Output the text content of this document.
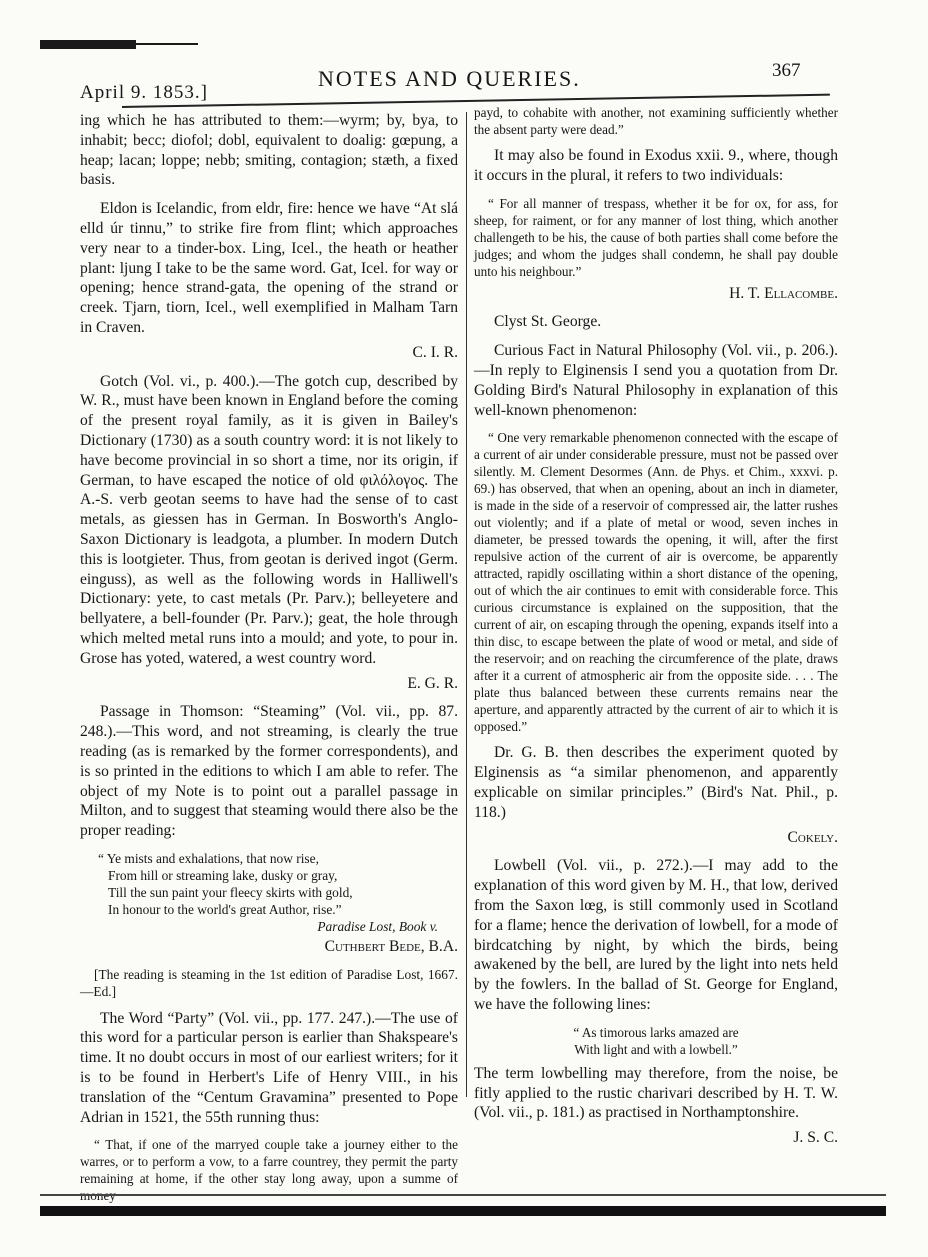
April 9. 1853.]
NOTES AND QUERIES.	367

ing which he has attributed to them:—wyrm; by, bya, to inhabit; becc; diofol; dobl, equivalent to doalig: gœpung, a heap; lacan; loppe; nebb; smiting, contagion; stæth, a fixed basis.

Eldon is Icelandic, from eldr, fire: hence we have “At slá elld úr tinnu,” to strike fire from flint; which approaches very near to a tinder-box. Ling, Icel., the heath or heather plant: ljung I take to be the same word. Gat, Icel. for way or opening; hence strand-gata, the opening of the strand or creek. Tjarn, tiorn, Icel., well exemplified in Malham Tarn in Craven.

C. I. R.

Gotch (Vol. vi., p. 400.).—The gotch cup, described by W. R., must have been known in England before the coming of the present royal family, as it is given in Bailey's Dictionary (1730) as a south country word: it is not likely to have become provincial in so short a time, nor its origin, if German, to have escaped the notice of old φιλόλογος. The A.-S. verb geotan seems to have had the sense of to cast metals, as giessen has in German. In Bosworth's Anglo-Saxon Dictionary is leadgota, a plumber. In modern Dutch this is lootgieter. Thus, from geotan is derived ingot (Germ. einguss), as well as the following words in Halliwell's Dictionary: yete, to cast metals (Pr. Parv.); belleyetere and bellyatere, a bell-founder (Pr. Parv.); geat, the hole through which melted metal runs into a mould; and yote, to pour in. Grose has yoted, watered, a west country word.

E. G. R.

Passage in Thomson: “Steaming” (Vol. vii., pp. 87. 248.).—This word, and not streaming, is clearly the true reading (as is remarked by the former correspondents), and is so printed in the editions to which I am able to refer. The object of my Note is to point out a parallel passage in Milton, and to suggest that steaming would there also be the proper reading:

“ Ye mists and exhalations, that now rise,
From hill or streaming lake, dusky or gray,
Till the sun paint your fleecy skirts with gold,
In honour to the world's great Author, rise.”
Paradise Lost, Book v.

Cuthbert Bede, B.A.

[The reading is steaming in the 1st edition of Paradise Lost, 1667.—Ed.]

The Word “Party” (Vol. vii., pp. 177. 247.).—The use of this word for a particular person is earlier than Shakspeare's time. It no doubt occurs in most of our earliest writers; for it is to be found in Herbert's Life of Henry VIII., in his translation of the “Centum Gravamina” presented to Pope Adrian in 1521, the 55th running thus:

“ That, if one of the marryed couple take a journey either to the warres, or to perform a vow, to a farre countrey, they permit the party remaining at home, if the other stay long away, upon a summe of

payd, to cohabite with another, not examining sufficiently whether the absent party were dead.”

It may also be found in Exodus xxii. 9., where, though it occurs in the plural, it refers to two individuals:

“ For all manner of trespass, whether it be for ox, for ass, for sheep, for raiment, or for any manner of lost thing, which another challengeth to be his, the cause of both parties shall come before the judges; and whom the judges shall condemn, he shall pay double unto his neighbour.”

H. T. Ellacombe.

Clyst St. George.

Curious Fact in Natural Philosophy (Vol. vii., p. 206.).—In reply to Elginensis I send you a quotation from Dr. Golding Bird's Natural Philosophy in explanation of this well-known phenomenon:

“ One very remarkable phenomenon connected with the escape of a current of air under considerable pressure, must not be passed over silently. M. Clement Desormes (Ann. de Phys. et Chim., xxxvi. p. 69.) has observed, that when an opening, about an inch in diameter, is made in the side of a reservoir of compressed air, the latter rushes out violently; and if a plate of metal or wood, seven inches in diameter, be pressed towards the opening, it will, after the first repulsive action of the current of air is overcome, be apparently attracted, rapidly oscillating within a short distance of the opening, out of which the air continues to emit with considerable force. This curious circumstance is explained on the supposition, that the current of air, on escaping through the opening, expands itself into a thin disc, to escape between the plate of wood or metal, and side of the reservoir; and on reaching the circumference of the plate, draws after it a current of atmospheric air from the opposite side. . . . The plate thus balanced between these currents remains near the aperture, and apparently attracted by the current of air to which it is opposed.”

Dr. G. B. then describes the experiment quoted by Elginensis as “a similar phenomenon, and apparently explicable on similar principles.” (Bird's Nat. Phil., p. 118.)

Cokely.

Lowbell (Vol. vii., p. 272.).—I may add to the explanation of this word given by M. H., that low, derived from the Saxon lœg, is still commonly used in Scotland for a flame; hence the derivation of lowbell, for a mode of birdcatching by night, by which the birds, being awakened by the bell, are lured by the light into nets held by the fowlers. In the ballad of St. George for England, we have the following lines:

“ As timorous larks amazed are
With light and with a lowbell.”

The term lowbelling may therefore, from the noise, be fitly applied to the rustic charivari described by H. T. W. (Vol. vii., p. 181.) as practised in Northamptonshire.

J. S. C.
